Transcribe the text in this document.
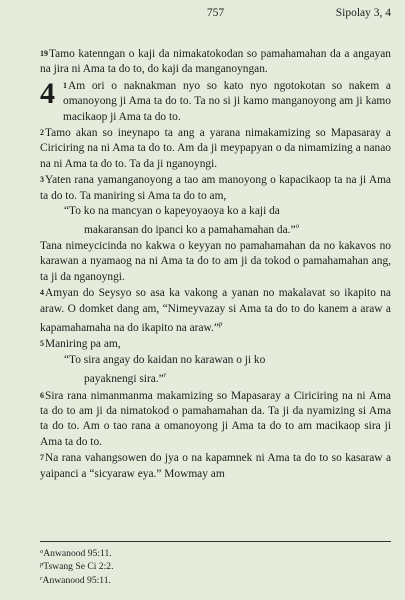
757	Sipolay 3, 4

19Tamo katenngan o kaji da nimakatokodan so pamahamahan da a angayan na jira ni Ama ta do to, do kaji da manganoyngan.

4 1Am ori o naknakman nyo so kato nyo ngotokotan so nakem a omanoyong ji Ama ta do to. Ta no si ji kamo manganoyong am ji kamo macikaop ji Ama ta do to.

2Tamo akan so ineynapo ta ang a yarana nimakamizing so Mapasaray a Ciriciring na ni Ama ta do to. Am da ji meypapyan o da nimamizing a nanao na ni Ama ta do to. Ta da ji nganoyngi.

3Yaten rana yamanganoyong a tao am manoyong o kapacikaop ta na ji Ama ta do to. Ta maniring si Ama ta do to am,

“To ko na mancyan o kapeyoyaoya ko a kaji da

makaransan do ipanci ko a pamahamahan da.”$^o$

Tana nimeycicinda no kakwa o keyyan no pamahamahan da no kakavos no karawan a nyamaog na ni Ama ta do to am ji da tokod o pamahamahan ang, ta ji da nganoyngi.

4Amyan do Seysyo so asa ka vakong a yanan no makalavat so ikapito na araw. O domket dang am, “Nimeyvazay si Ama ta do to do kanem a araw a kapamahamaha na do ikapito na araw.”$^p$

5Maniring pa am,

“To sira angay do kaidan no karawan o ji ko

payaknengi sira.”$^r$

6Sira rana nimanmanma makamizing so Mapasaray a Ciriciring na ni Ama ta do to am ji da nimatokod o pamahamahan da. Ta ji da nyamizing si Ama ta do to. Am o tao rana a omanoyong ji Ama ta do to am macikaop sira ji Ama ta do to.

7Na rana vahangsowen do jya o na kapamnek ni Ama ta do to so kasaraw a yaipanci a “sicyaraw eya.” Mowmay am

$^o$Anwanood 95:11.
$^p$Tswang Se Ci 2:2.
$^r$Anwanood 95:11.
